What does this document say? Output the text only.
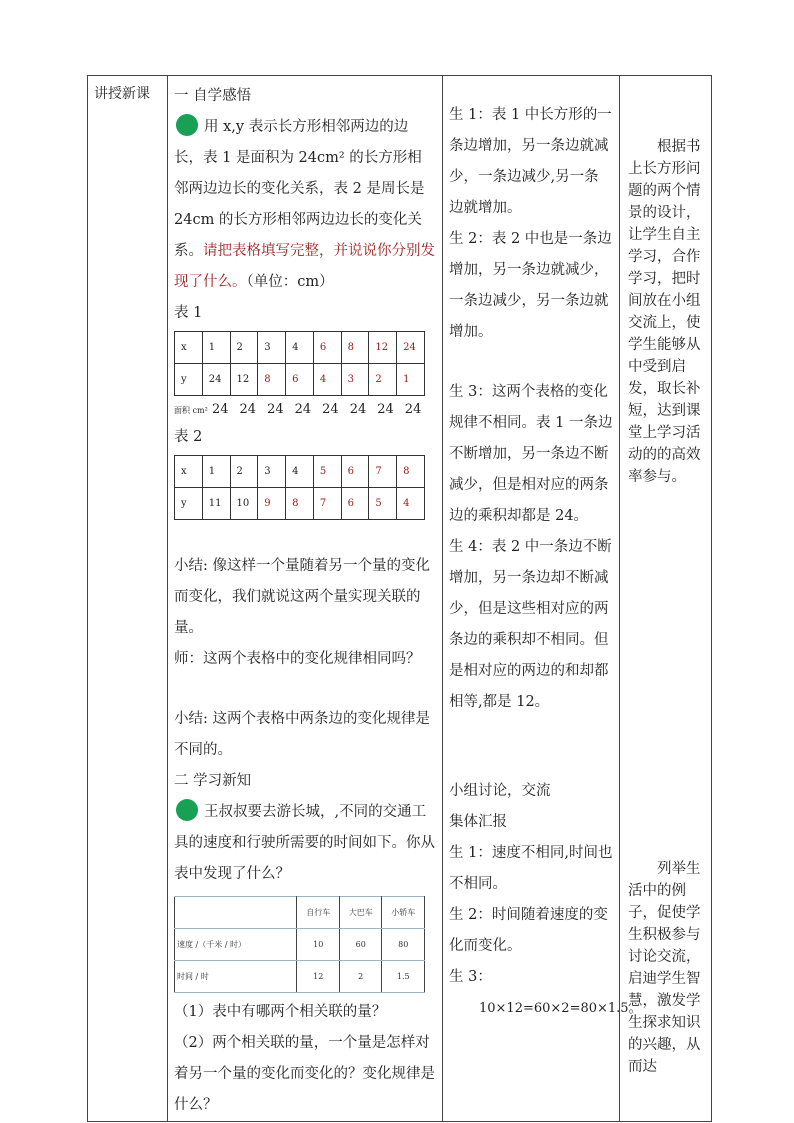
讲授新课	一 自学感悟
用 x,y 表示长方形相邻两边的边长，表 1 是面积为 24cm² 的长方形相邻两边边长的变化关系，表 2 是周长是 24cm 的长方形相邻两边边长的变化关系。请把表格填写完整，并说说你分别发现了什么。（单位：cm）
表 1
x	1	2	3	4	6	8	12	24
y	24	12	8	6	4	3	2	1
面积 cm² 24 24 24 24 24 24 24 24
表 2
x	1	2	3	4	5	6	7	8
y	11	10	9	8	7	6	5	4
小结: 像这样一个量随着另一个量的变化而变化，我们就说这两个量实现关联的量。
师：这两个表格中的变化规律相同吗？
小结: 这两个表格中两条边的变化规律是不同的。
二 学习新知
王叔叔要去游长城，,不同的交通工具的速度和行驶所需要的时间如下。你从表中发现了什么？
	自行车	大巴车	小轿车
速度 /（千米 / 时）	10	60	80
时间 / 时	12	2	1.5
（1）表中有哪两个相关联的量？
（2）两个相关联的量，一个量是怎样对着另一个量的变化而变化的？变化规律是什么？

生 1：表 1 中长方形的一条边增加，另一条边就减少，一条边减少,另一条边就增加。
生 2：表 2 中也是一条边增加，另一条边就减少，一条边减少，另一条边就增加。
生 3：这两个表格的变化规律不相同。表 1 一条边不断增加，另一条边不断减少，但是相对应的两条边的乘积却都是 24。
生 4：表 2 中一条边不断增加，另一条边却不断减少，但是这些相对应的两条边的乘积却不相同。但是相对应的两边的和却都相等,都是 12。
小组讨论，交流
集体汇报
生 1：速度不相同,时间也不相同。
生 2：时间随着速度的变化而变化。
生 3：
10×12=60×2=80×1.5。

根据书上长方形问题的两个情景的设计，让学生自主学习，合作学习，把时间放在小组交流上，使学生能够从中受到启发，取长补短，达到课堂上学习活动的的高效率参与。
列举生活中的例子，促使学生积极参与讨论交流，启迪学生智慧，激发学生探求知识的兴趣，从而达
